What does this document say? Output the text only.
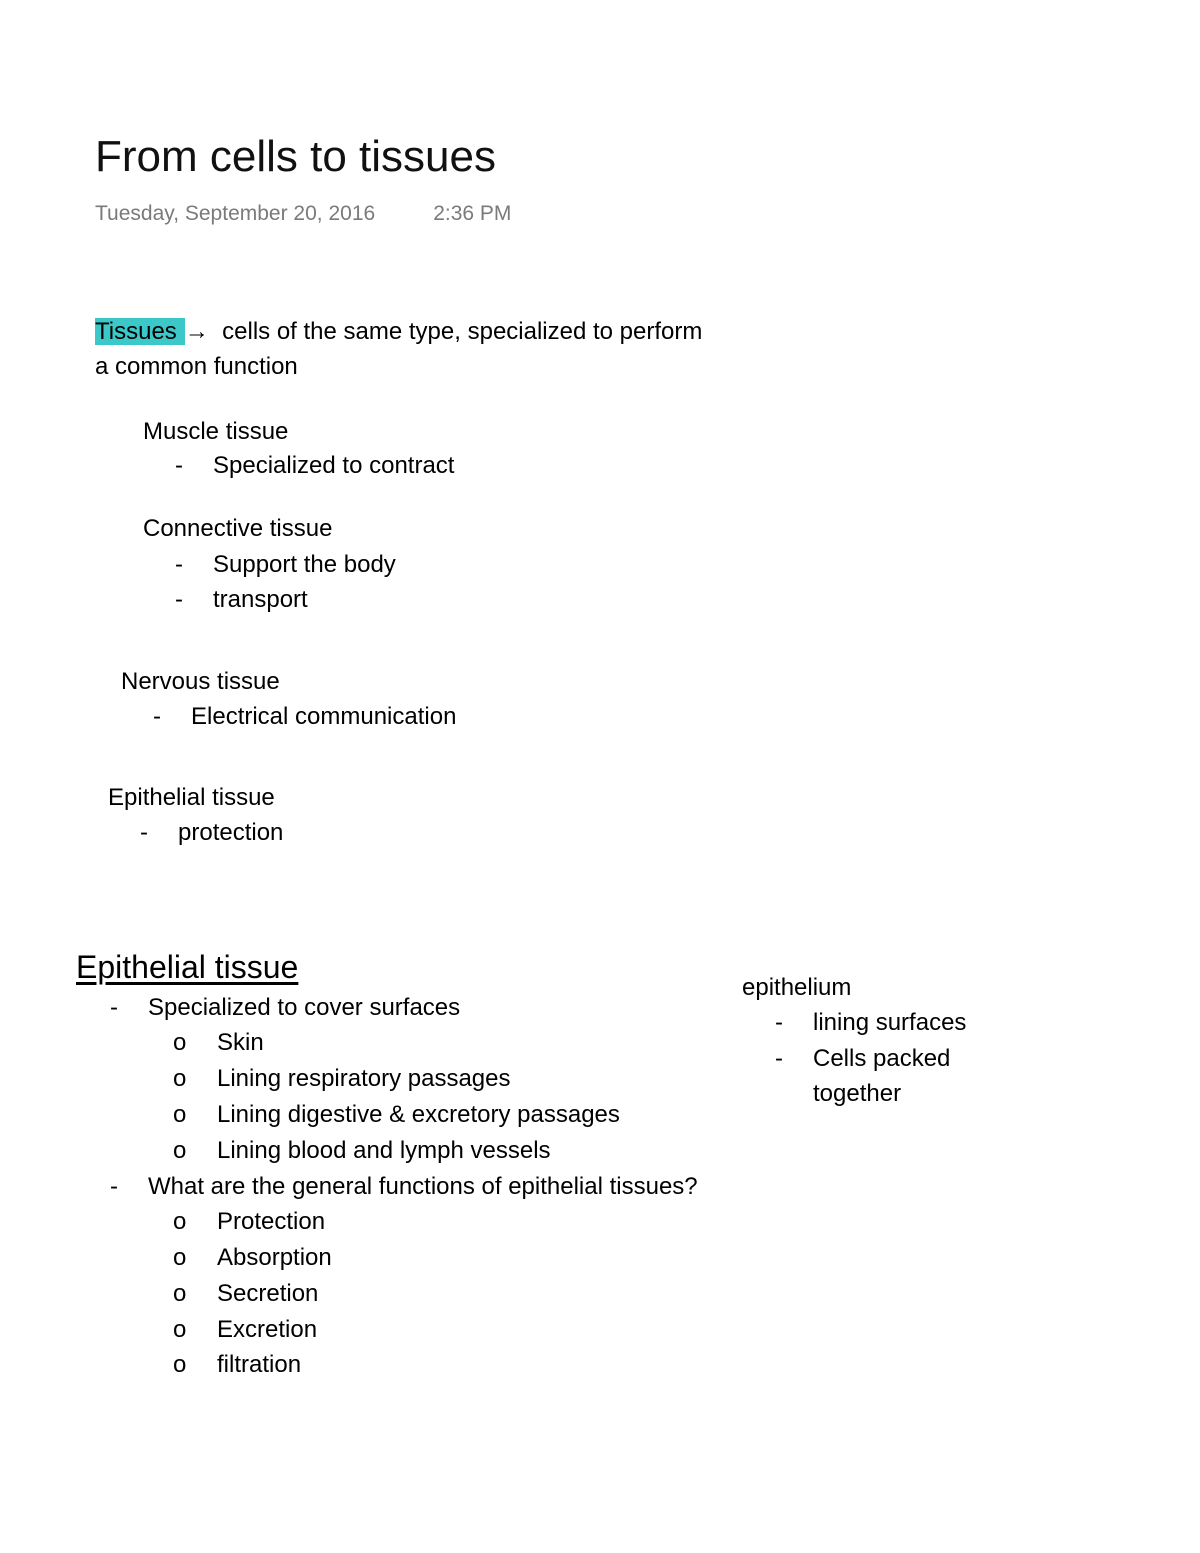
From cells to tissues
Tuesday, September 20, 2016	2:36 PM
Tissues → cells of the same type, specialized to perform
a common function
Muscle tissue
- Specialized to contract
Connective tissue
- Support the body
- transport
Nervous tissue
- Electrical communication
Epithelial tissue
- protection
Epithelial tissue
- Specialized to cover surfaces
o Skin
o Lining respiratory passages
o Lining digestive & excretory passages
o Lining blood and lymph vessels
- What are the general functions of epithelial tissues?
o Protection
o Absorption
o Secretion
o Excretion
o filtration
epithelium
- lining surfaces
- Cells packed
together
